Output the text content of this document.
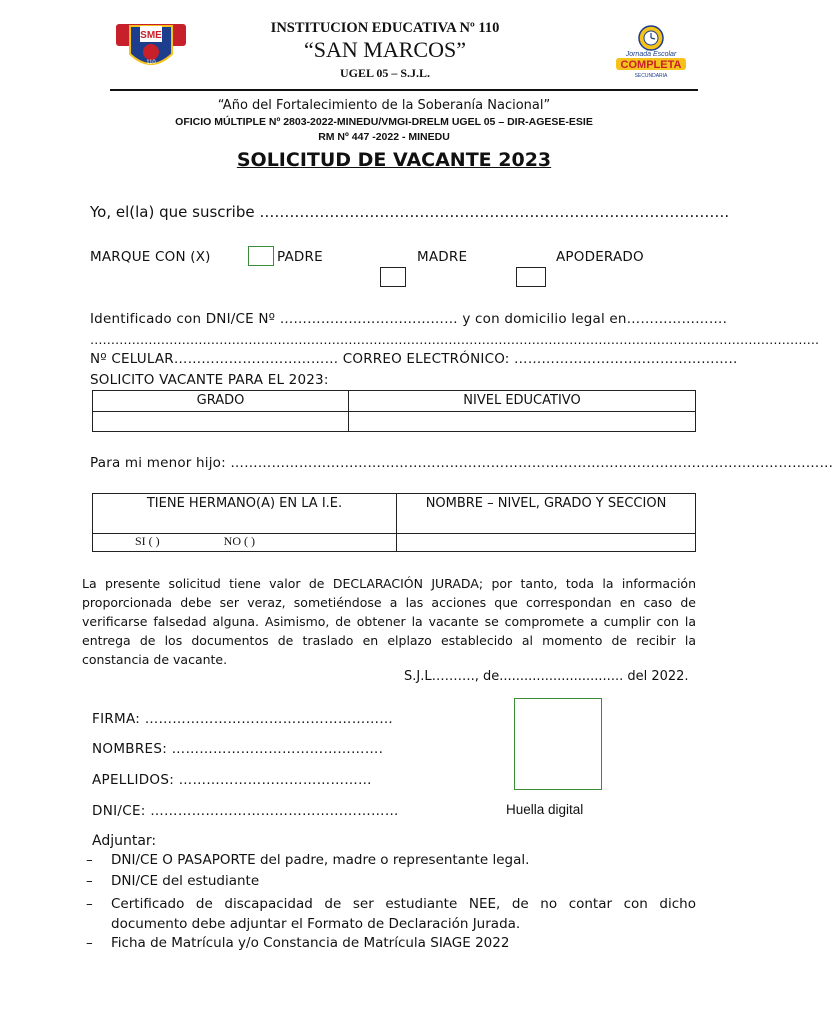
SME
110
Jornada Escolar
COMPLETA
SECUNDARIA
INSTITUCION EDUCATIVA Nº 110
“SAN MARCOS”
UGEL 05 – S.J.L.
“Año del Fortalecimiento de la Soberanía Nacional”
OFICIO MÚLTIPLE Nº 2803-2022-MINEDU/VMGI-DRELM UGEL 05 – DIR-AGESE-ESIE
RM Nº 447 -2022 - MINEDU
SOLICITUD DE VACANTE 2023
Yo, el(la) que suscribe ………………………………………………………………………………….
MARQUE CON (X)	PADRE	MADRE	APODERADO
Identificado con DNI/CE Nº ………………………………… y con domicilio legal en………………….
………………………………………………………………………………………………………………………………………………………….
Nº CELULAR……………………………… CORREO ELECTRÓNICO: ……………………..…………………..
SOLICITO VACANTE PARA EL 2023:
GRADO	NIVEL EDUCATIVO

Para mi menor hijo: ……………………………………………………………………………………………………………………
TIENE HERMANO(A) EN LA I.E.	NOMBRE – NIVEL, GRADO Y SECCION
SI ( ) NO ( )	
La presente solicitud tiene valor de DECLARACIÓN JURADA; por tanto, toda la información proporcionada debe ser veraz, sometiéndose a las acciones que correspondan en caso de verificarse falsedad alguna. Asimismo, de obtener la vacante se compromete a cumplir con la entrega de los documentos de traslado en elplazo establecido al momento de recibir la constancia de vacante.
S.J.L………., de.............................. del 2022.
FIRMA: ………………………………………………
NOMBRES: ……………………………………….
APELLIDOS: ……………………………………
DNI/CE: ………………………………………………	Huella digital
Adjuntar:
– DNI/CE O PASAPORTE del padre, madre o representante legal.
– DNI/CE del estudiante
– Certificado de discapacidad de ser estudiante NEE, de no contar con dicho documento debe adjuntar el Formato de Declaración Jurada.
– Ficha de Matrícula y/o Constancia de Matrícula SIAGE 2022
